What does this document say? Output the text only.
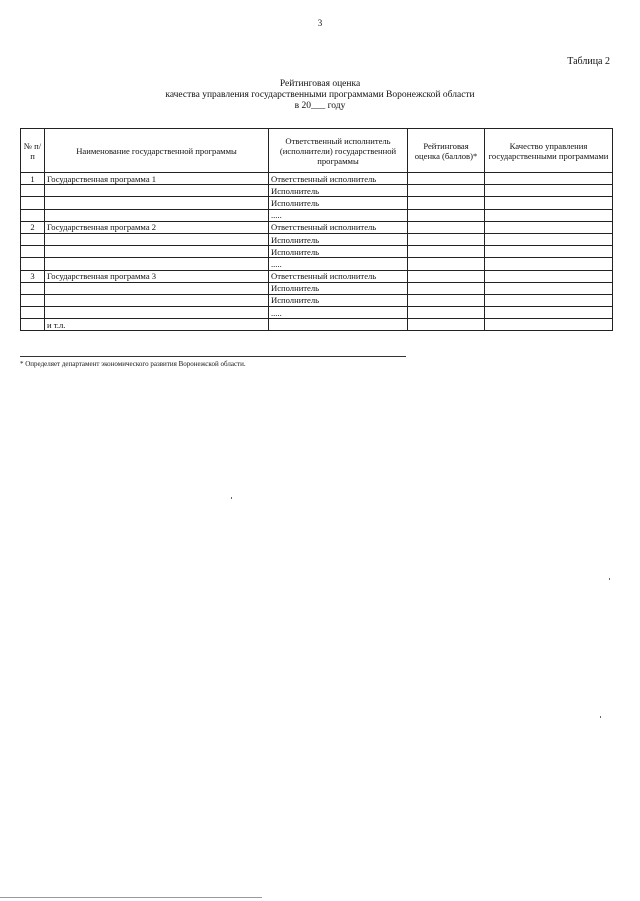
3
Таблица 2
Рейтинговая оценка
качества управления государственными программами Воронежской области
в 20___ году
№ п/п	Наименование государственной программы	Ответственный исполнитель (исполнители) государственной программы	Рейтинговая оценка (баллов)*	Качество управления государственными программами
1	Государственная программа 1	Ответственный исполнитель		
		Исполнитель		
		Исполнитель		
		.....		
2	Государственная программа 2	Ответственный исполнитель		
		Исполнитель		
		Исполнитель		
		.....		
3	Государственная программа 3	Ответственный исполнитель		
		Исполнитель		
		Исполнитель		
		.....		
	и т.л.			
* Определяет департамент экономического развития Воронежской области.
